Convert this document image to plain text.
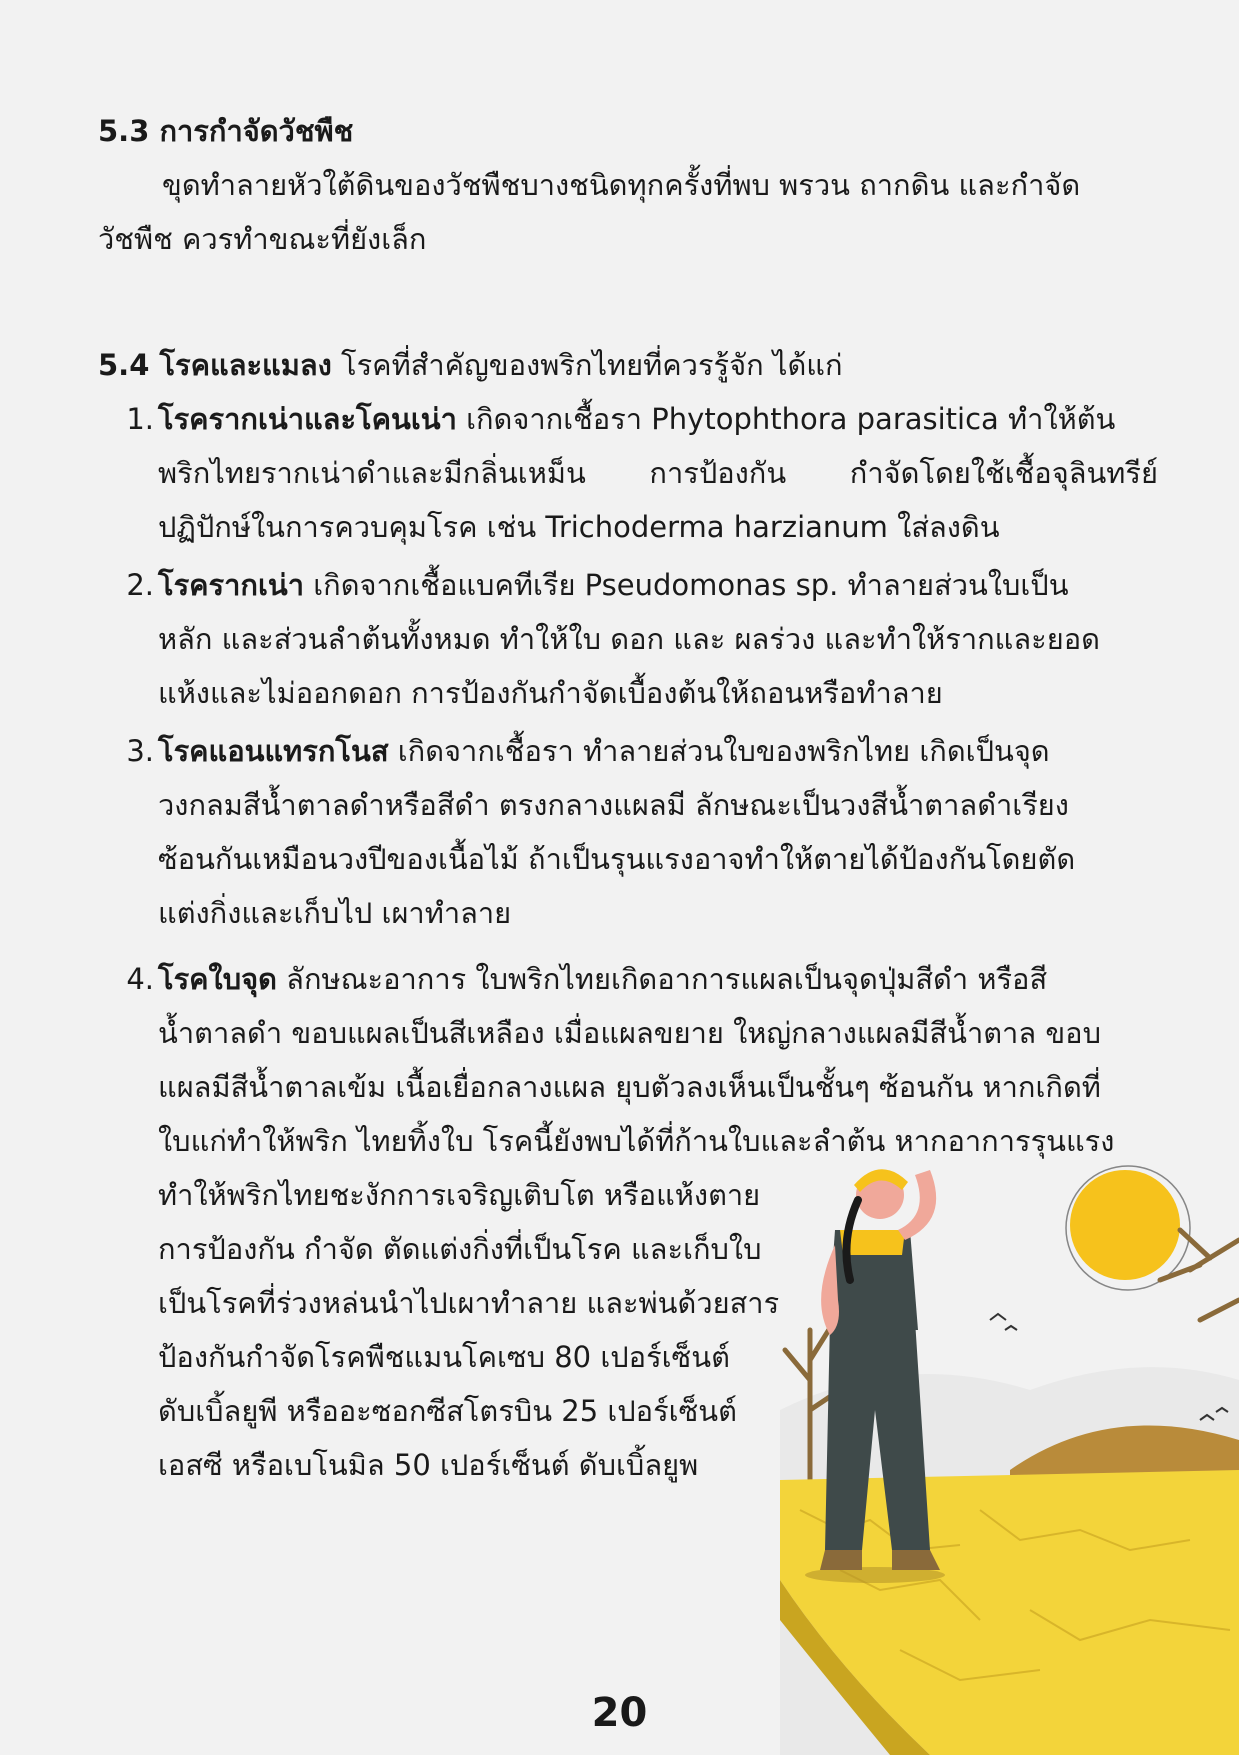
5.3 การกำจัดวัชพืช
ขุดทำลายหัวใต้ดินของวัชพืชบางชนิดทุกครั้งที่พบ พรวน ถากดิน และกำจัด
วัชพืช ควรทำขณะที่ยังเล็ก
5.4 โรคและแมลง โรคที่สำคัญของพริกไทยที่ควรรู้จัก ได้แก่
1. โรครากเน่าและโคนเน่า เกิดจากเชื้อรา Phytophthora parasitica ทำให้ต้น
พริกไทยรากเน่าดำและมีกลิ่นเหม็น การป้องกัน กำจัดโดยใช้เชื้อจุลินทรีย์
ปฏิปักษ์ในการควบคุมโรค เช่น Trichoderma harzianum ใส่ลงดิน
2. โรครากเน่า เกิดจากเชื้อแบคทีเรีย Pseudomonas sp. ทำลายส่วนใบเป็น
หลัก และส่วนลำต้นทั้งหมด ทำให้ใบ ดอก และ ผลร่วง และทำให้รากและยอด
แห้งและไม่ออกดอก การป้องกันกำจัดเบื้องต้นให้ถอนหรือทำลาย
3. โรคแอนแทรกโนส เกิดจากเชื้อรา ทำลายส่วนใบของพริกไทย เกิดเป็นจุด
วงกลมสีน้ำตาลดำหรือสีดำ ตรงกลางแผลมี ลักษณะเป็นวงสีน้ำตาลดำเรียง
ซ้อนกันเหมือนวงปีของเนื้อไม้ ถ้าเป็นรุนแรงอาจทำให้ตายได้ป้องกันโดยตัด
แต่งกิ่งและเก็บไป เผาทำลาย
4. โรคใบจุด ลักษณะอาการ ใบพริกไทยเกิดอาการแผลเป็นจุดปุ่มสีดำ หรือสี
น้ำตาลดำ ขอบแผลเป็นสีเหลือง เมื่อแผลขยาย ใหญ่กลางแผลมีสีน้ำตาล ขอบ
แผลมีสีน้ำตาลเข้ม เนื้อเยื่อกลางแผล ยุบตัวลงเห็นเป็นชั้นๆ ซ้อนกัน หากเกิดที่
ใบแก่ทำให้พริก ไทยทิ้งใบ โรคนี้ยังพบได้ที่ก้านใบและลำต้น หากอาการรุนแรง
ทำให้พริกไทยชะงักการเจริญเติบโต หรือแห้งตาย
การป้องกัน กำจัด ตัดแต่งกิ่งที่เป็นโรค และเก็บใบ
เป็นโรคที่ร่วงหล่นนำไปเผาทำลาย และพ่นด้วยสาร
ป้องกันกำจัดโรคพืชแมนโคเซบ 80 เปอร์เซ็นต์
ดับเบิ้ลยูพี หรืออะซอกซีสโตรบิน 25 เปอร์เซ็นต์
เอสซี หรือเบโนมิล 50 เปอร์เซ็นต์ ดับเบิ้ลยูพ
20
